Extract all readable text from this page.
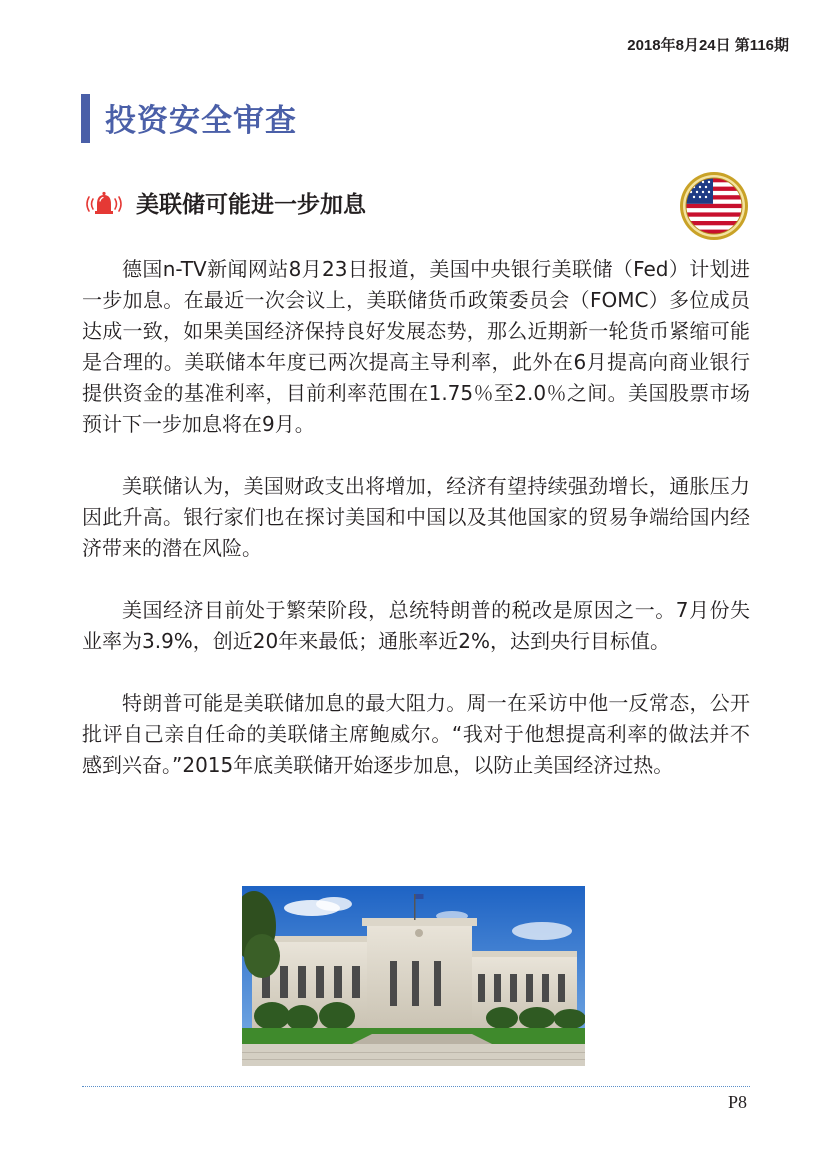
2018年8月24日 第116期
投资安全审查
美联储可能进一步加息

德国n-TV新闻网站8月23日报道，美国中央银行美联储（Fed）计划进一步加息。在最近一次会议上，美联储货币政策委员会（FOMC）多位成员达成一致，如果美国经济保持良好发展态势，那么近期新一轮货币紧缩可能是合理的。美联储本年度已两次提高主导利率，此外在6月提高向商业银行提供资金的基准利率，目前利率范围在1.75％至2.0％之间。美国股票市场预计下一步加息将在9月。

美联储认为，美国财政支出将增加，经济有望持续强劲增长，通胀压力因此升高。银行家们也在探讨美国和中国以及其他国家的贸易争端给国内经济带来的潜在风险。

美国经济目前处于繁荣阶段，总统特朗普的税改是原因之一。7月份失业率为3.9%，创近20年来最低；通胀率近2%，达到央行目标值。

特朗普可能是美联储加息的最大阻力。周一在采访中他一反常态，公开批评自己亲自任命的美联储主席鲍威尔。“我对于他想提高利率的做法并不感到兴奋。”2015年底美联储开始逐步加息，以防止美国经济过热。

P8
